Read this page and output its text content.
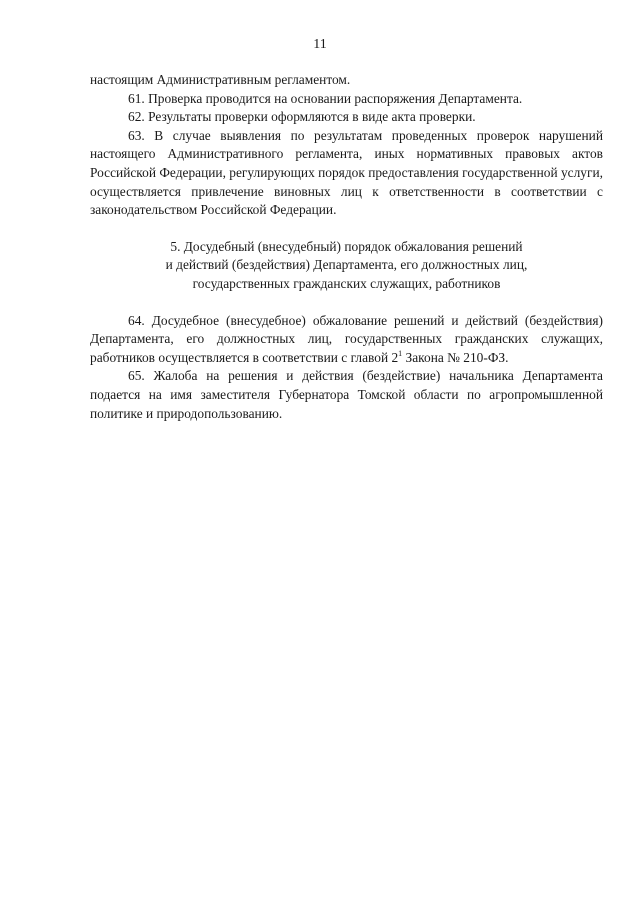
11

настоящим Административным регламентом.

61. Проверка проводится на основании распоряжения Департамента.

62. Результаты проверки оформляются в виде акта проверки.

63. В случае выявления по результатам проведенных проверок нарушений настоящего Административного регламента, иных нормативных правовых актов Российской Федерации, регулирующих порядок предоставления государственной услуги, осуществляется привлечение виновных лиц к ответственности в соответствии с законодательством Российской Федерации.

5. Досудебный (внесудебный) порядок обжалования решений
и действий (бездействия) Департамента, его должностных лиц,
государственных гражданских служащих, работников

64. Досудебное (внесудебное) обжалование решений и действий (бездействия) Департамента, его должностных лиц, государственных гражданских служащих, работников осуществляется в соответствии с главой $2^1$ Закона № 210-ФЗ.

65. Жалоба на решения и действия (бездействие) начальника Департамента подается на имя заместителя Губернатора Томской области по агропромышленной политике и природопользованию.
